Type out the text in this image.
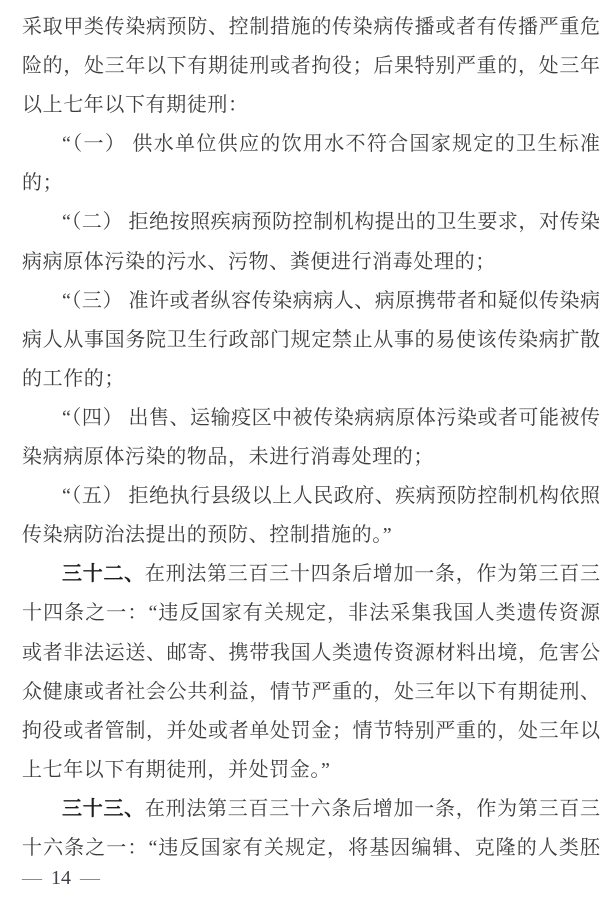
采取甲类传染病预防、控制措施的传染病传播或者有传播严重危
险的，处三年以下有期徒刑或者拘役；后果特别严重的，处三年
以上七年以下有期徒刑：
“（一） 供水单位供应的饮用水不符合国家规定的卫生标准
的；
“（二） 拒绝按照疾病预防控制机构提出的卫生要求，对传染
病病原体污染的污水、污物、粪便进行消毒处理的；
“（三） 准许或者纵容传染病病人、病原携带者和疑似传染病
病人从事国务院卫生行政部门规定禁止从事的易使该传染病扩散
的工作的；
“（四） 出售、运输疫区中被传染病病原体污染或者可能被传
染病病原体污染的物品，未进行消毒处理的；
“（五） 拒绝执行县级以上人民政府、疾病预防控制机构依照
传染病防治法提出的预防、控制措施的。”
三十二、在刑法第三百三十四条后增加一条，作为第三百三
十四条之一：“违反国家有关规定，非法采集我国人类遗传资源
或者非法运送、邮寄、携带我国人类遗传资源材料出境，危害公
众健康或者社会公共利益，情节严重的，处三年以下有期徒刑、
拘役或者管制，并处或者单处罚金；情节特别严重的，处三年以
上七年以下有期徒刑，并处罚金。”
三十三、在刑法第三百三十六条后增加一条，作为第三百三
十六条之一：“违反国家有关规定，将基因编辑、克隆的人类胚
— 14 —
